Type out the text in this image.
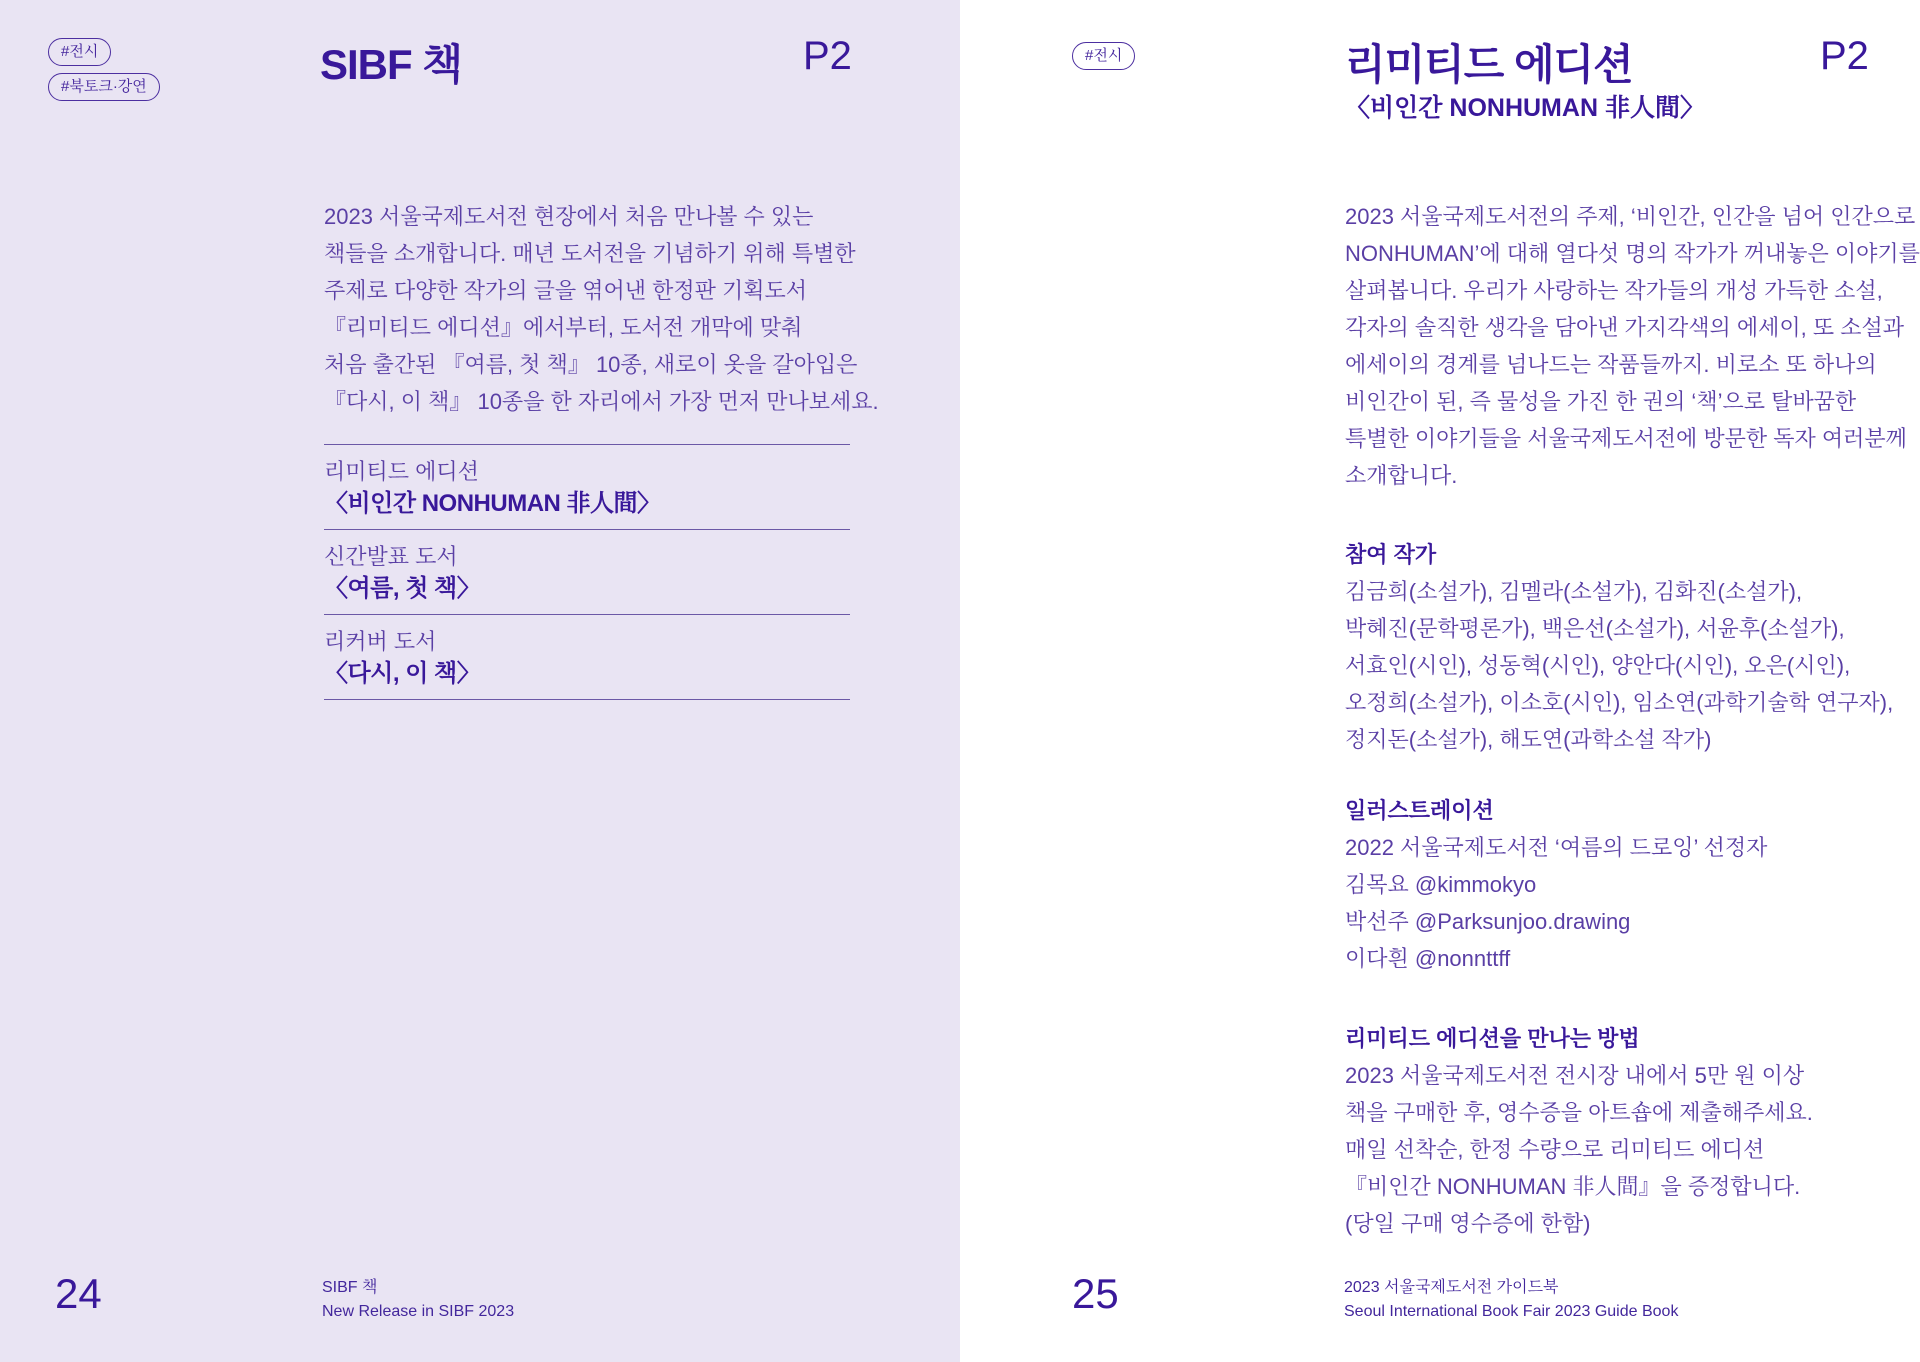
#전시
#북토크·강연	SIBF 책	P2
2023 서울국제도서전 현장에서 처음 만나볼 수 있는
책들을 소개합니다. 매년 도서전을 기념하기 위해 특별한
주제로 다양한 작가의 글을 엮어낸 한정판 기획도서
『리미티드 에디션』에서부터, 도서전 개막에 맞춰
처음 출간된 『여름, 첫 책』 10종, 새로이 옷을 갈아입은
『다시, 이 책』 10종을 한 자리에서 가장 먼저 만나보세요.
리미티드 에디션
〈비인간 NONHUMAN 非人間〉
신간발표 도서
〈여름, 첫 책〉
리커버 도서
〈다시, 이 책〉
24	SIBF 책
New Release in SIBF 2023
#전시	리미티드 에디션	P2
〈비인간 NONHUMAN 非人間〉
2023 서울국제도서전의 주제, ‘비인간, 인간을 넘어 인간으로
NONHUMAN’에 대해 열다섯 명의 작가가 꺼내놓은 이야기를
살펴봅니다. 우리가 사랑하는 작가들의 개성 가득한 소설,
각자의 솔직한 생각을 담아낸 가지각색의 에세이, 또 소설과
에세이의 경계를 넘나드는 작품들까지. 비로소 또 하나의
비인간이 된, 즉 물성을 가진 한 권의 ‘책’으로 탈바꿈한
특별한 이야기들을 서울국제도서전에 방문한 독자 여러분께
소개합니다.
참여 작가
김금희(소설가), 김멜라(소설가), 김화진(소설가),
박혜진(문학평론가), 백은선(소설가), 서윤후(소설가),
서효인(시인), 성동혁(시인), 양안다(시인), 오은(시인),
오정희(소설가), 이소호(시인), 임소연(과학기술학 연구자),
정지돈(소설가), 해도연(과학소설 작가)
일러스트레이션
2022 서울국제도서전 ‘여름의 드로잉’ 선정자
김목요 @kimmokyo
박선주 @Parksunjoo.drawing
이다흰 @nonnttff
리미티드 에디션을 만나는 방법
2023 서울국제도서전 전시장 내에서 5만 원 이상
책을 구매한 후, 영수증을 아트숍에 제출해주세요.
매일 선착순, 한정 수량으로 리미티드 에디션
『비인간 NONHUMAN 非人間』을 증정합니다.
(당일 구매 영수증에 한함)
25	2023 서울국제도서전 가이드북
Seoul International Book Fair 2023 Guide Book
